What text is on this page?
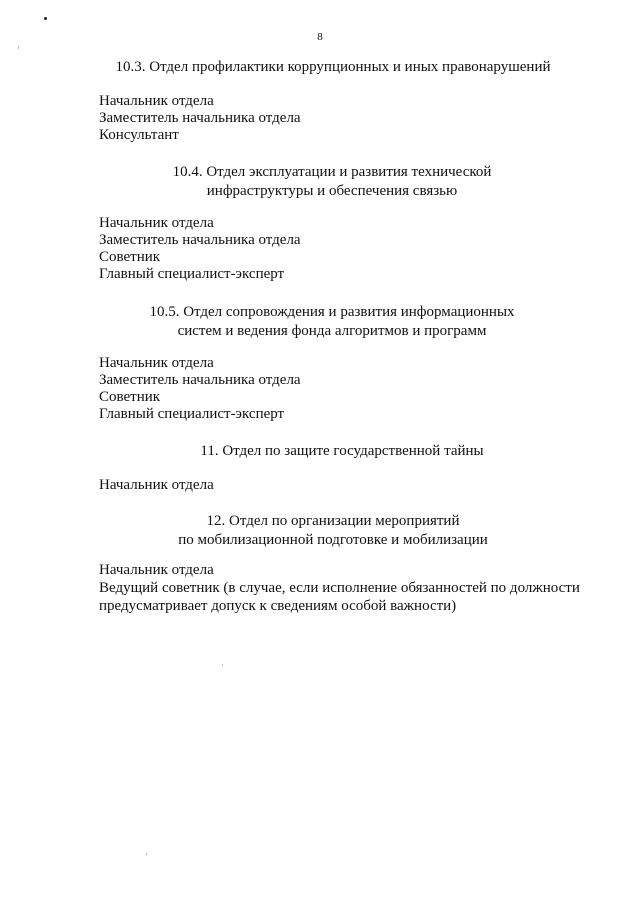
8
10.3. Отдел профилактики коррупционных и иных правонарушений
Начальник отдела
Заместитель начальника отдела
Консультант
10.4. Отдел эксплуатации и развития технической
инфраструктуры и обеспечения связью
Начальник отдела
Заместитель начальника отдела
Советник
Главный специалист-эксперт
10.5. Отдел сопровождения и развития информационных
систем и ведения фонда алгоритмов и программ
Начальник отдела
Заместитель начальника отдела
Советник
Главный специалист-эксперт
11. Отдел по защите государственной тайны
Начальник отдела
12. Отдел по организации мероприятий
по мобилизационной подготовке и мобилизации
Начальник отдела
Ведущий советник (в случае, если исполнение обязанностей по должности
предусматривает допуск к сведениям особой важности)
